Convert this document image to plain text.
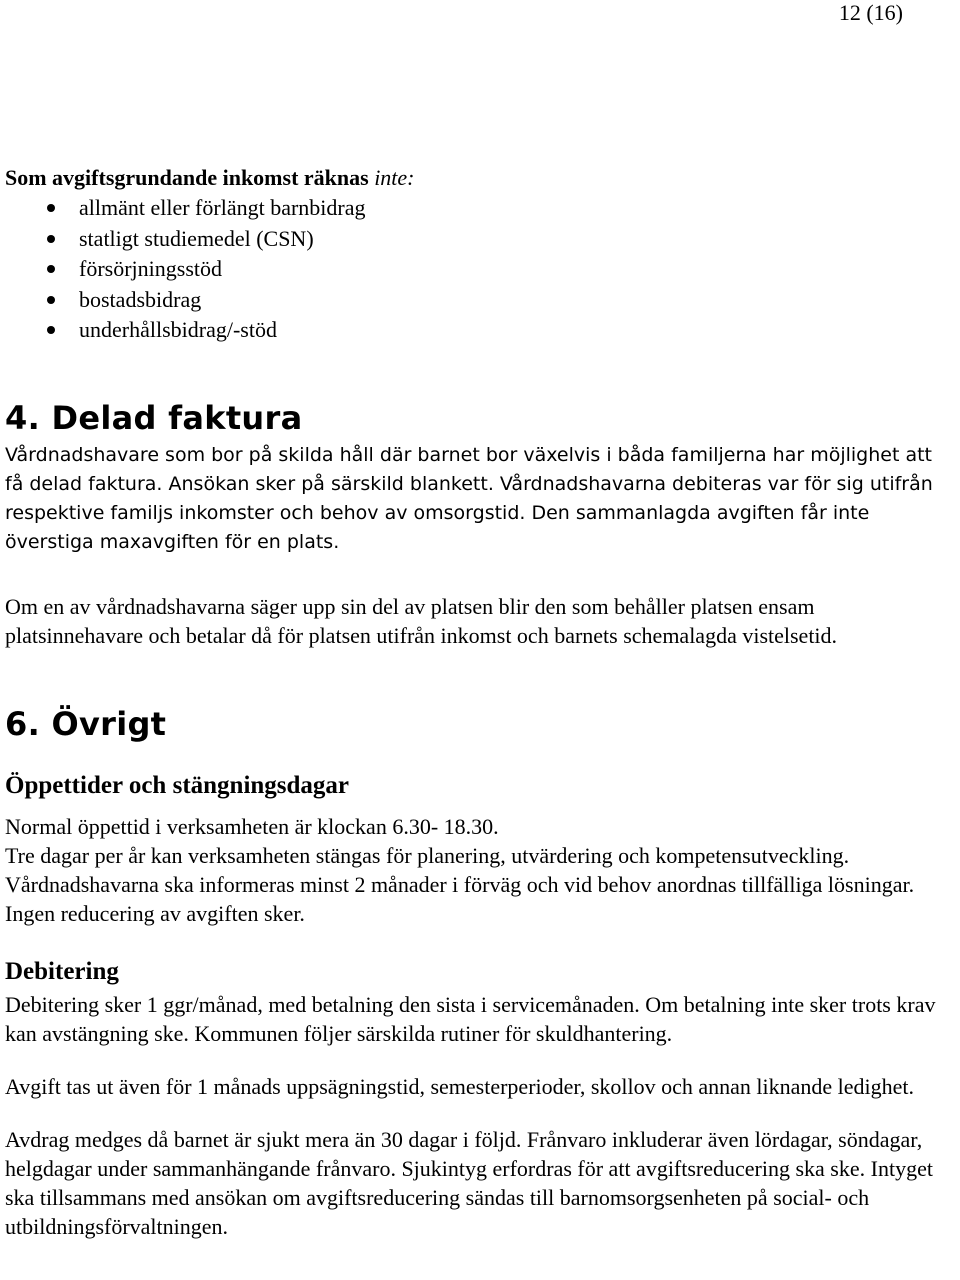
12 (16)

Som avgiftsgrundande inkomst räknas inte:

allmänt eller förlängt barnbidrag
statligt studiemedel (CSN)
försörjningsstöd
bostadsbidrag
underhållsbidrag/-stöd
4. Delad faktura

Vårdnadshavare som bor på skilda håll där barnet bor växelvis i båda familjerna har möjlighet att få delad faktura. Ansökan sker på särskild blankett. Vårdnadshavarna debiteras var för sig utifrån respektive familjs inkomster och behov av omsorgstid. Den sammanlagda avgiften får inte överstiga maxavgiften för en plats.

Om en av vårdnadshavarna säger upp sin del av platsen blir den som behåller platsen ensam platsinnehavare och betalar då för platsen utifrån inkomst och barnets schemalagda vistelsetid.

6. Övrigt
Öppettider och stängningsdagar

Normal öppettid i verksamheten är klockan 6.30- 18.30.

Tre dagar per år kan verksamheten stängas för planering, utvärdering och kompetensutveckling. Vårdnadshavarna ska informeras minst 2 månader i förväg och vid behov anordnas tillfälliga lösningar. Ingen reducering av avgiften sker.

Debitering

Debitering sker 1 ggr/månad, med betalning den sista i servicemånaden. Om betalning inte sker trots krav kan avstängning ske. Kommunen följer särskilda rutiner för skuldhantering.

Avgift tas ut även för 1 månads uppsägningstid, semesterperioder, skollov och annan liknande ledighet.

Avdrag medges då barnet är sjukt mera än 30 dagar i följd. Frånvaro inkluderar även lördagar, söndagar, helgdagar under sammanhängande frånvaro. Sjukintyg erfordras för att avgiftsreducering ska ske. Intyget ska tillsammans med ansökan om avgiftsreducering sändas till barnomsorgsenheten på social- och utbildningsförvaltningen.
